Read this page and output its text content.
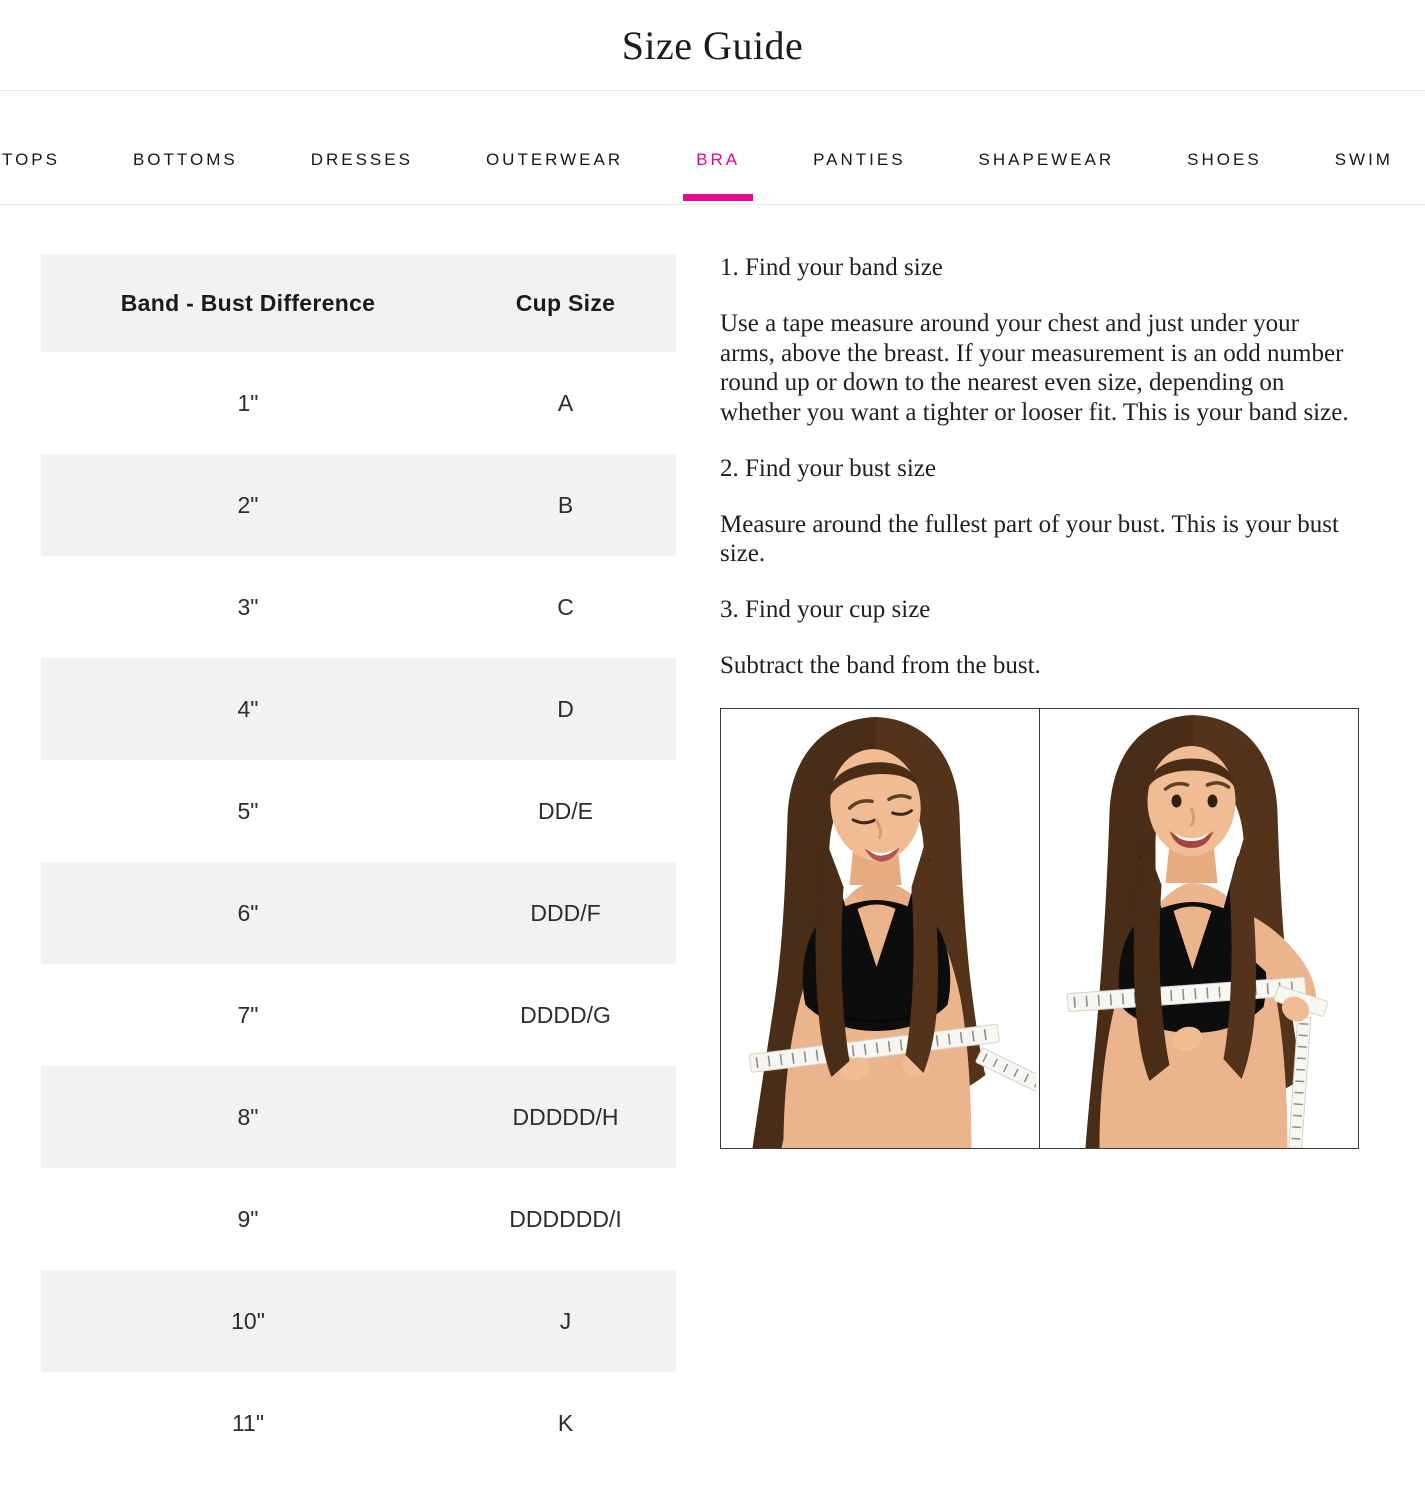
Size Guide
TOPS	BOTTOMS	DRESSES	OUTERWEAR	BRA	PANTIES	SHAPEWEAR	SHOES	SWIM
Band - Bust Difference	Cup Size
1"	A
2"	B
3"	C
4"	D
5"	DD/E
6"	DDD/F
7"	DDDD/G
8"	DDDDD/H
9"	DDDDDD/I
10"	J
11"	K

1. Find your band size

Use a tape measure around your chest and just under your arms, above the breast. If your measurement is an odd number round up or down to the nearest even size, depending on whether you want a tighter or looser fit. This is your band size.

2. Find your bust size

Measure around the fullest part of your bust. This is your bust size.

3. Find your cup size

Subtract the band from the bust.
